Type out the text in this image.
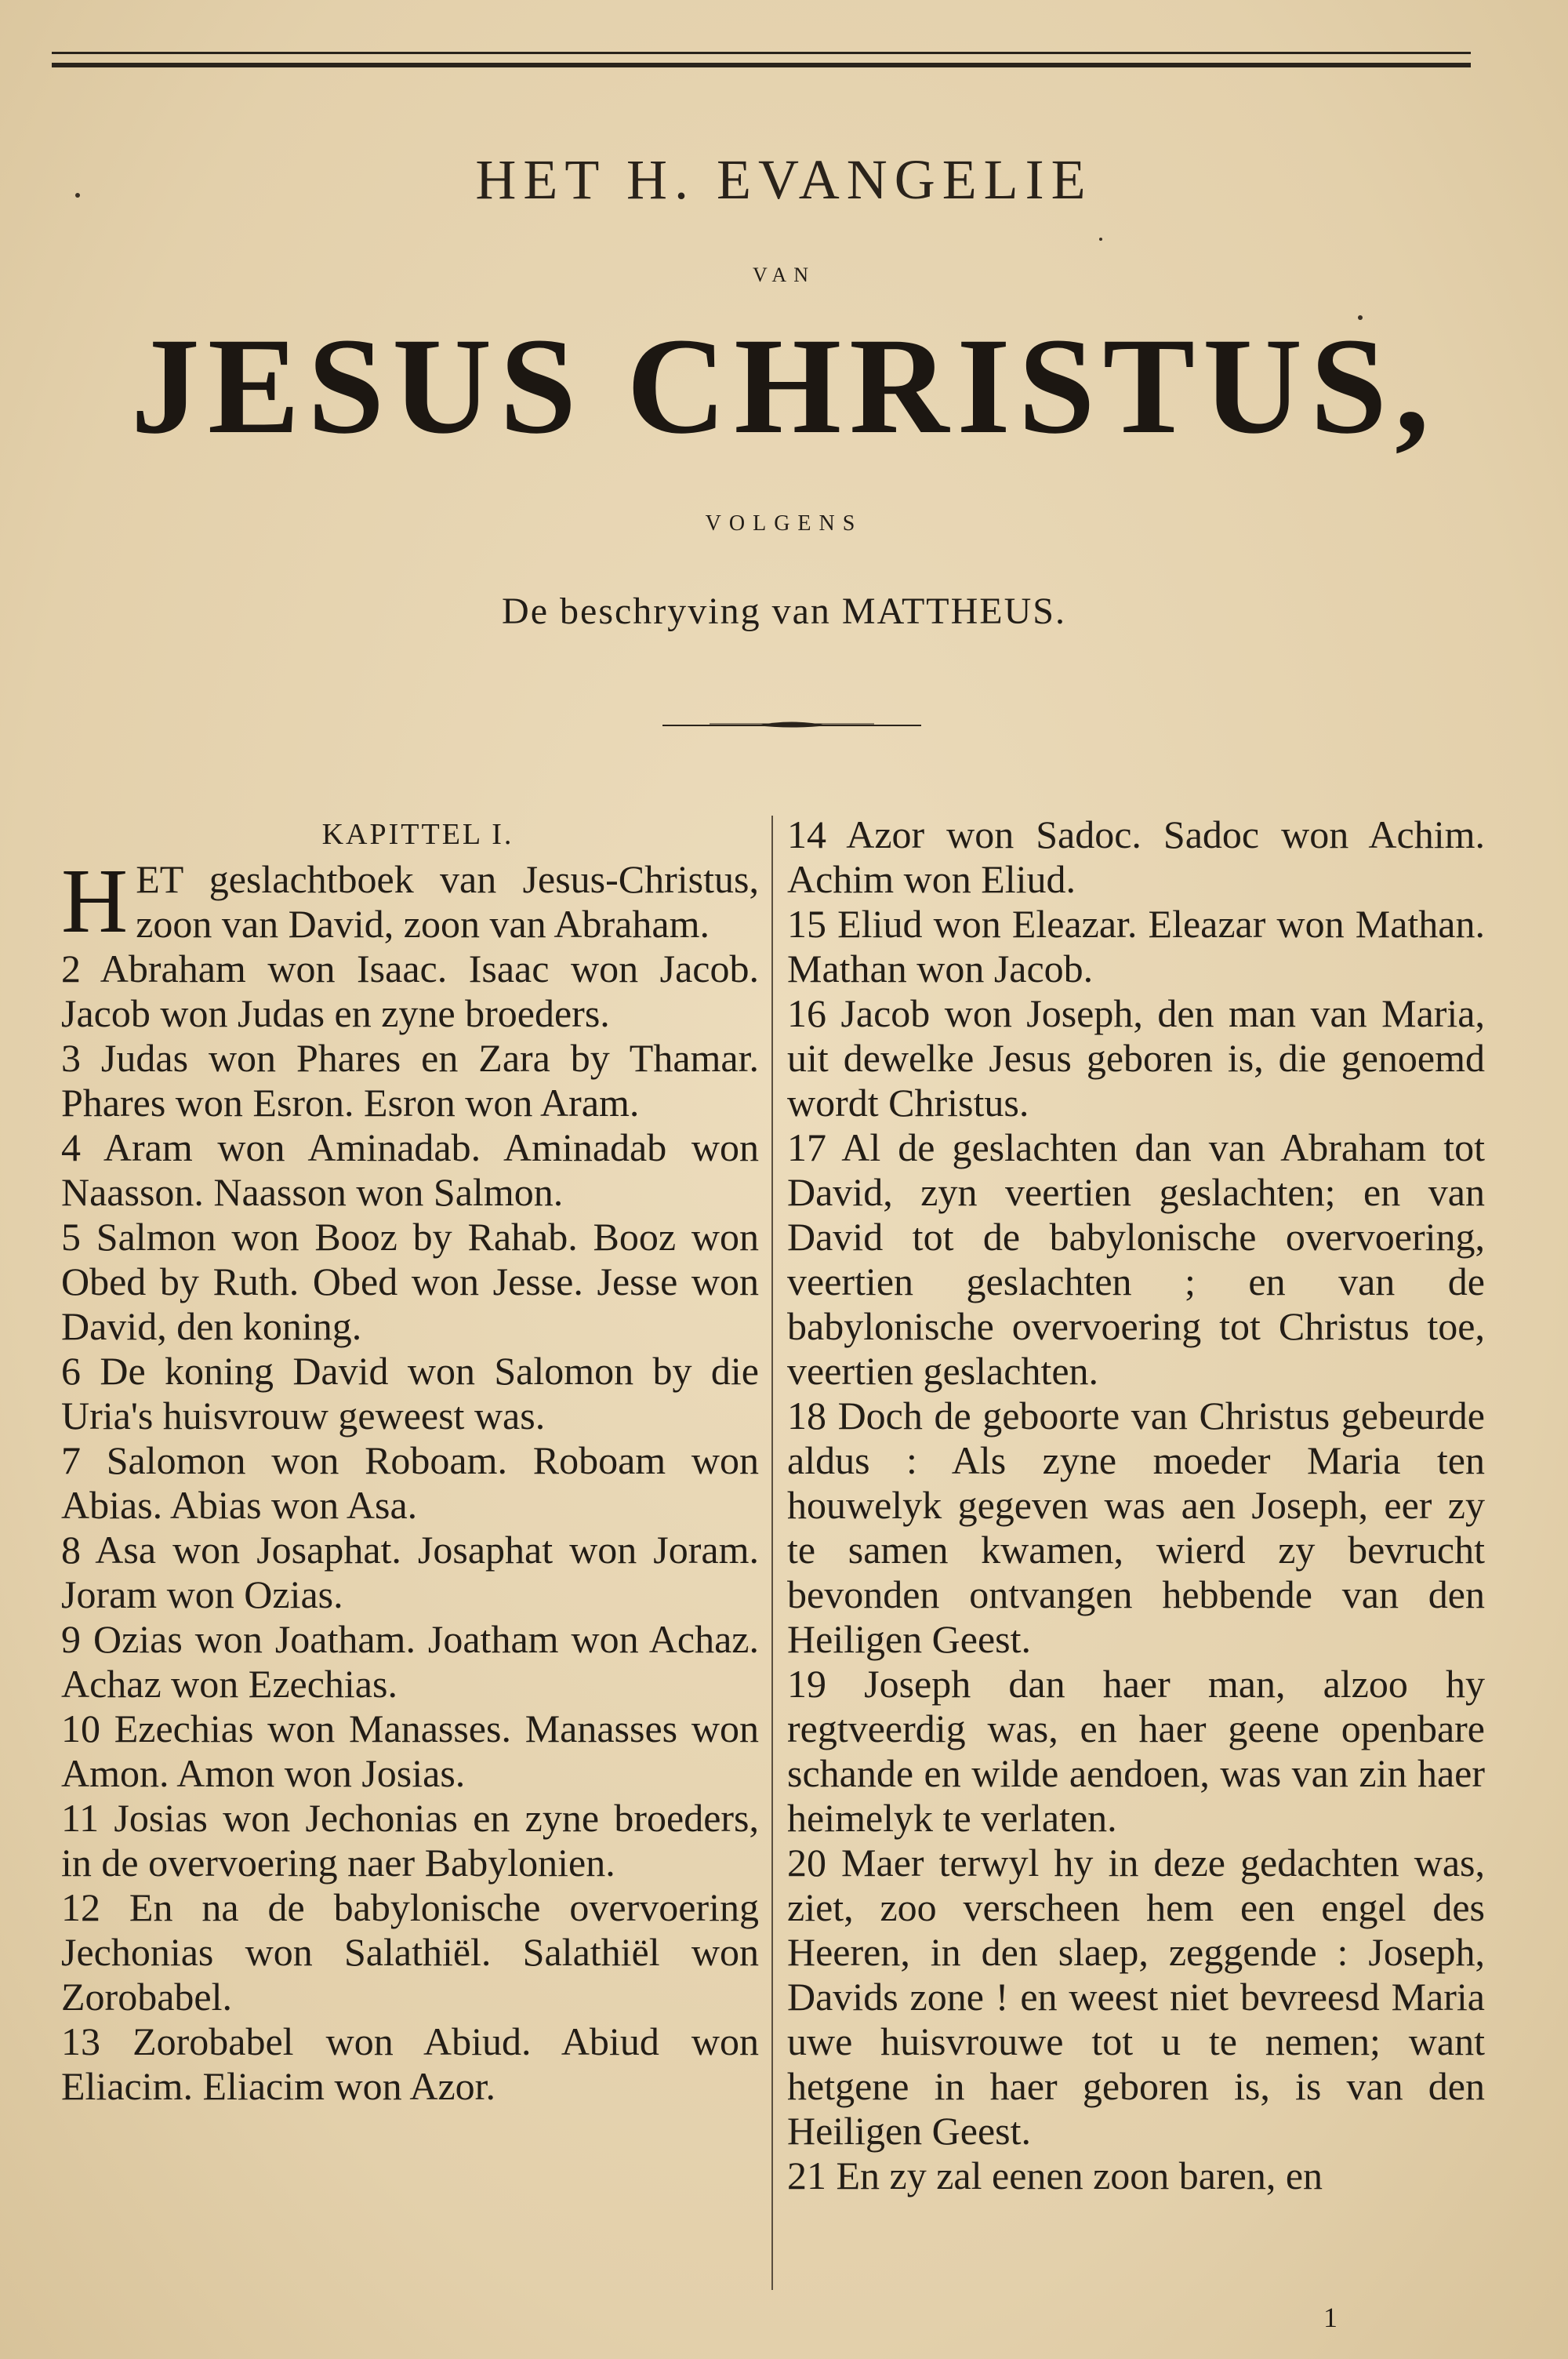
HET H. EVANGELIE
VAN
JESUS CHRISTUS,
VOLGENS
De beschryving van MATTHEUS.
KAPITTEL I.

HET geslachtboek van Jesus-Christus, zoon van David, zoon van Abraham.

2 Abraham won Isaac. Isaac won Jacob. Jacob won Judas en zyne broeders.

3 Judas won Phares en Zara by Thamar. Phares won Esron. Esron won Aram.

4 Aram won Aminadab. Aminadab won Naasson. Naasson won Salmon.

5 Salmon won Booz by Rahab. Booz won Obed by Ruth. Obed won Jesse. Jesse won David, den koning.

6 De koning David won Salomon by die Uria's huisvrouw geweest was.

7 Salomon won Roboam. Roboam won Abias. Abias won Asa.

8 Asa won Josaphat. Josaphat won Joram. Joram won Ozias.

9 Ozias won Joatham. Joatham won Achaz. Achaz won Ezechias.

10 Ezechias won Manasses. Manasses won Amon. Amon won Josias.

11 Josias won Jechonias en zyne broeders, in de overvoering naer Babylonien.

12 En na de babylonische overvoering Jechonias won Salathiël. Salathiël won Zorobabel.

13 Zorobabel won Abiud. Abiud won Eliacim. Eliacim won Azor.

14 Azor won Sadoc. Sadoc won Achim. Achim won Eliud.

15 Eliud won Eleazar. Eleazar won Mathan. Mathan won Jacob.

16 Jacob won Joseph, den man van Maria, uit dewelke Jesus geboren is, die genoemd wordt Christus.

17 Al de geslachten dan van Abraham tot David, zyn veertien geslachten; en van David tot de babylonische overvoering, veertien geslachten ; en van de babylonische overvoering tot Christus toe, veertien geslachten.

18 Doch de geboorte van Christus gebeurde aldus : Als zyne moeder Maria ten houwelyk gegeven was aen Joseph, eer zy te samen kwamen, wierd zy bevrucht bevonden ontvangen hebbende van den Heiligen Geest.

19 Joseph dan haer man, alzoo hy regtveerdig was, en haer geene openbare schande en wilde aendoen, was van zin haer heimelyk te verlaten.

20 Maer terwyl hy in deze gedachten was, ziet, zoo verscheen hem een engel des Heeren, in den slaep, zeggende : Joseph, Davids zone ! en weest niet bevreesd Maria uwe huisvrouwe tot u te nemen; want hetgene in haer geboren is, is van den Heiligen Geest.

21 En zy zal eenen zoon baren, en

1
